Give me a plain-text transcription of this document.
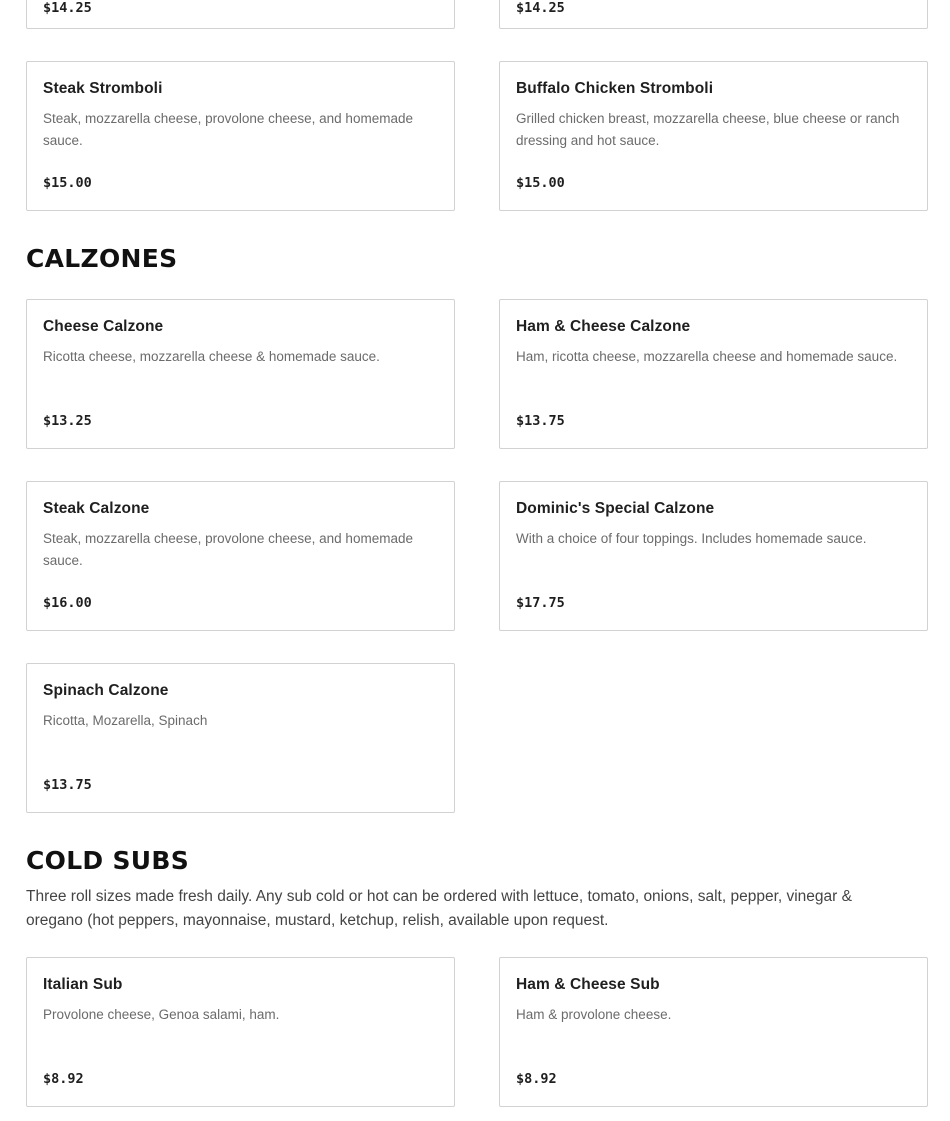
$14.25	$14.25
Steak Stromboli
Steak, mozzarella cheese, provolone cheese, and homemade sauce.
$15.00
Buffalo Chicken Stromboli
Grilled chicken breast, mozzarella cheese, blue cheese or ranch dressing and hot sauce.
$15.00
CALZONES
Cheese Calzone
Ricotta cheese, mozzarella cheese & homemade sauce.
$13.25
Ham & Cheese Calzone
Ham, ricotta cheese, mozzarella cheese and homemade sauce.
$13.75
Steak Calzone
Steak, mozzarella cheese, provolone cheese, and homemade sauce.
$16.00
Dominic's Special Calzone
With a choice of four toppings. Includes homemade sauce.
$17.75
Spinach Calzone
Ricotta, Mozarella, Spinach
$13.75
COLD SUBS
Three roll sizes made fresh daily. Any sub cold or hot can be ordered with lettuce, tomato, onions, salt, pepper, vinegar & oregano (hot peppers, mayonnaise, mustard, ketchup, relish, available upon request.
Italian Sub
Provolone cheese, Genoa salami, ham.
$8.92
Ham & Cheese Sub
Ham & provolone cheese.
$8.92
